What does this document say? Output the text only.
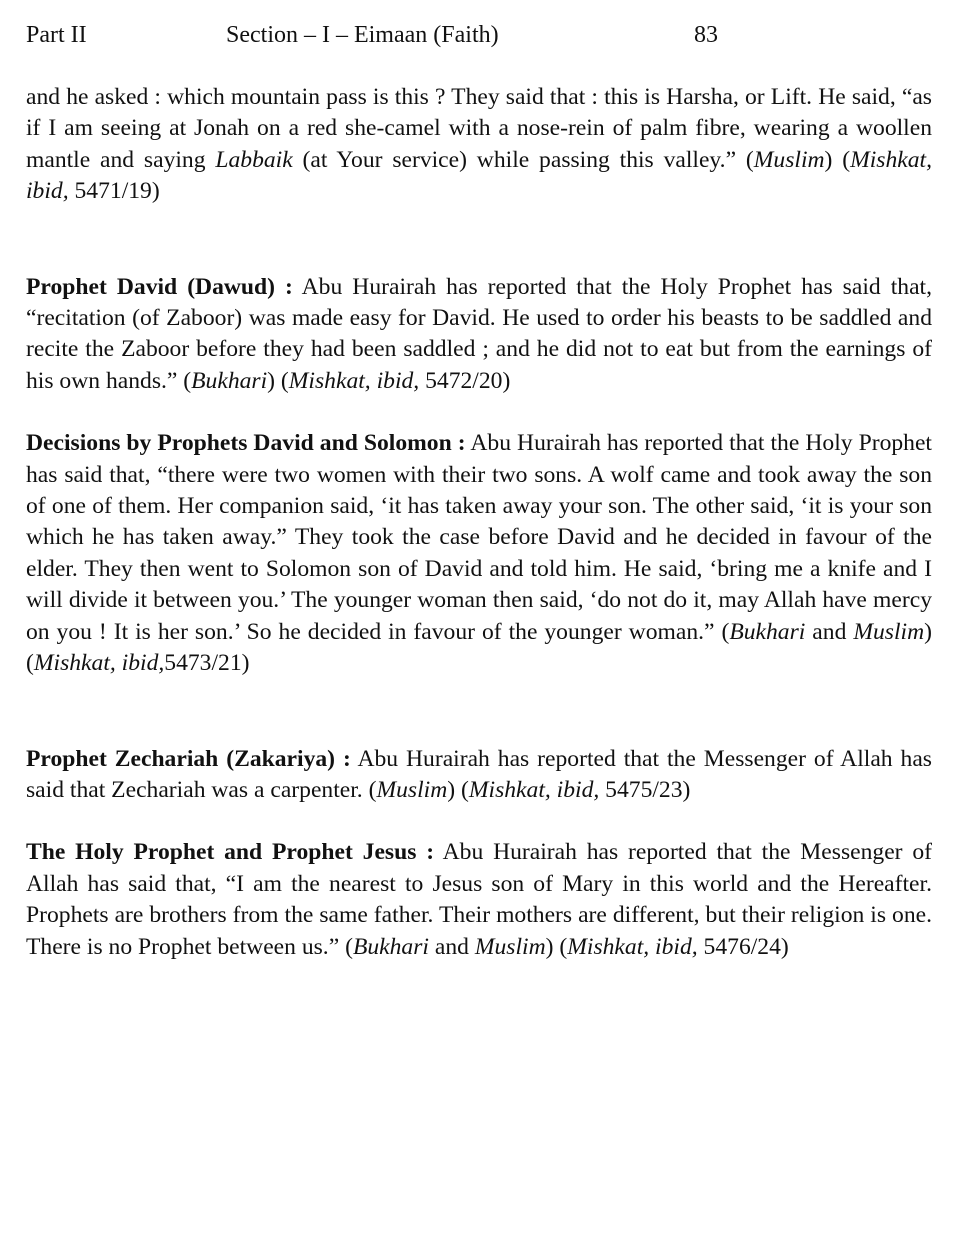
Part II	Section – I – Eimaan (Faith)	83

and he asked : which mountain pass is this ? They said that : this is Harsha, or Lift. He said, “as if I am seeing at Jonah on a red she-camel with a nose-rein of palm fibre, wearing a woollen mantle and saying Labbaik (at Your service) while passing this valley.” (Muslim) (Mishkat, ibid, 5471/19)

Prophet David (Dawud) : Abu Hurairah has reported that the Holy Prophet has said that, “recitation (of Zaboor) was made easy for David. He used to order his beasts to be saddled and recite the Zaboor before they had been saddled ; and he did not to eat but from the earnings of his own hands.” (Bukhari) (Mishkat, ibid, 5472/20)

Decisions by Prophets David and Solomon : Abu Hurairah has reported that the Holy Prophet has said that, “there were two women with their two sons. A wolf came and took away the son of one of them. Her companion said, ‘it has taken away your son. The other said, ‘it is your son which he has taken away.” They took the case before David and he decided in favour of the elder. They then went to Solomon son of David and told him. He said, ‘bring me a knife and I will divide it between you.’ The younger woman then said, ‘do not do it, may Allah have mercy on you ! It is her son.’ So he decided in favour of the younger woman.” (Bukhari and Muslim) (Mishkat, ibid,5473/21)

Prophet Zechariah (Zakariya) : Abu Hurairah has reported that the Messenger of Allah has said that Zechariah was a carpenter. (Muslim) (Mishkat, ibid, 5475/23)

The Holy Prophet and Prophet Jesus : Abu Hurairah has reported that the Messenger of Allah has said that, “I am the nearest to Jesus son of Mary in this world and the Hereafter. Prophets are brothers from the same father. Their mothers are different, but their religion is one. There is no Prophet between us.” (Bukhari and Muslim) (Mishkat, ibid, 5476/24)
